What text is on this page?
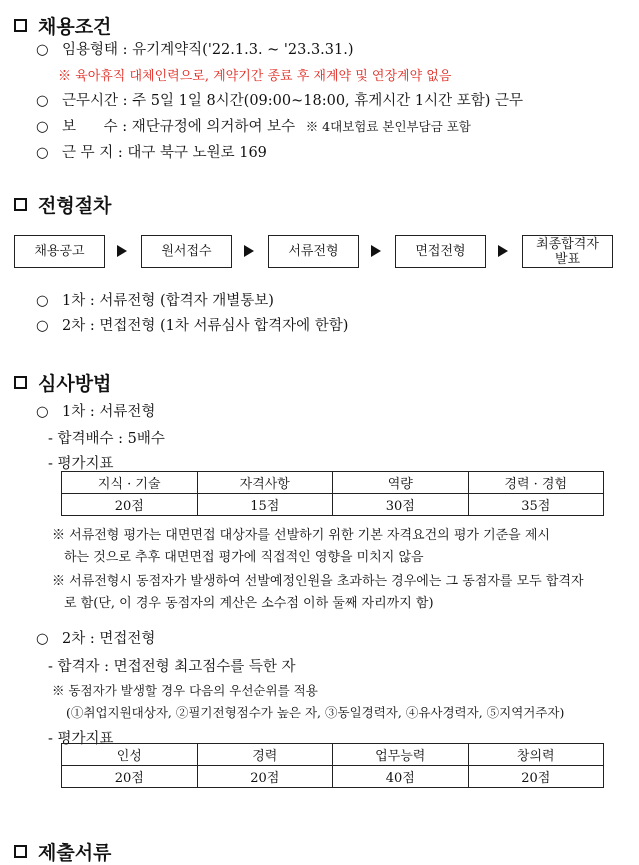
채용조건
○ 임용형태 : 유기계약직('22.1.3. ~ '23.3.31.)
※ 육아휴직 대체인력으로, 계약기간 종료 후 재계약 및 연장계약 없음
○ 근무시간 : 주 5일 1일 8시간(09:00~18:00, 휴게시간 1시간 포함) 근무
○ 보      수 : 재단규정에 의거하여 보수 ※ 4대보험료 본인부담금 포함
○ 근 무 지 : 대구 북구 노원로 169
전형절차
채용공고	원서접수	서류전형	면접전형	최종합격자
발표
○ 1차 : 서류전형 (합격자 개별통보)
○ 2차 : 면접전형 (1차 서류심사 합격자에 한함)
심사방법
○ 1차 : 서류전형
- 합격배수 : 5배수
- 평가지표
지식 · 기술	자격사항	역량	경력 · 경험
20점	15점	30점	35점
※ 서류전형 평가는 대면면접 대상자를 선발하기 위한 기본 자격요건의 평가 기준을 제시
하는 것으로 추후 대면면접 평가에 직접적인 영향을 미치지 않음
※ 서류전형시 동점자가 발생하여 선발예정인원을 초과하는 경우에는 그 동점자를 모두 합격자
로 함(단, 이 경우 동점자의 계산은 소수점 이하 둘째 자리까지 함)
○ 2차 : 면접전형
- 합격자 : 면접전형 최고점수를 득한 자
※ 동점자가 발생할 경우 다음의 우선순위를 적용
(①취업지원대상자, ②필기전형점수가 높은 자, ③동일경력자, ④유사경력자, ⑤지역거주자)
- 평가지표
인성	경력	업무능력	창의력
20점	20점	40점	20점
제출서류
